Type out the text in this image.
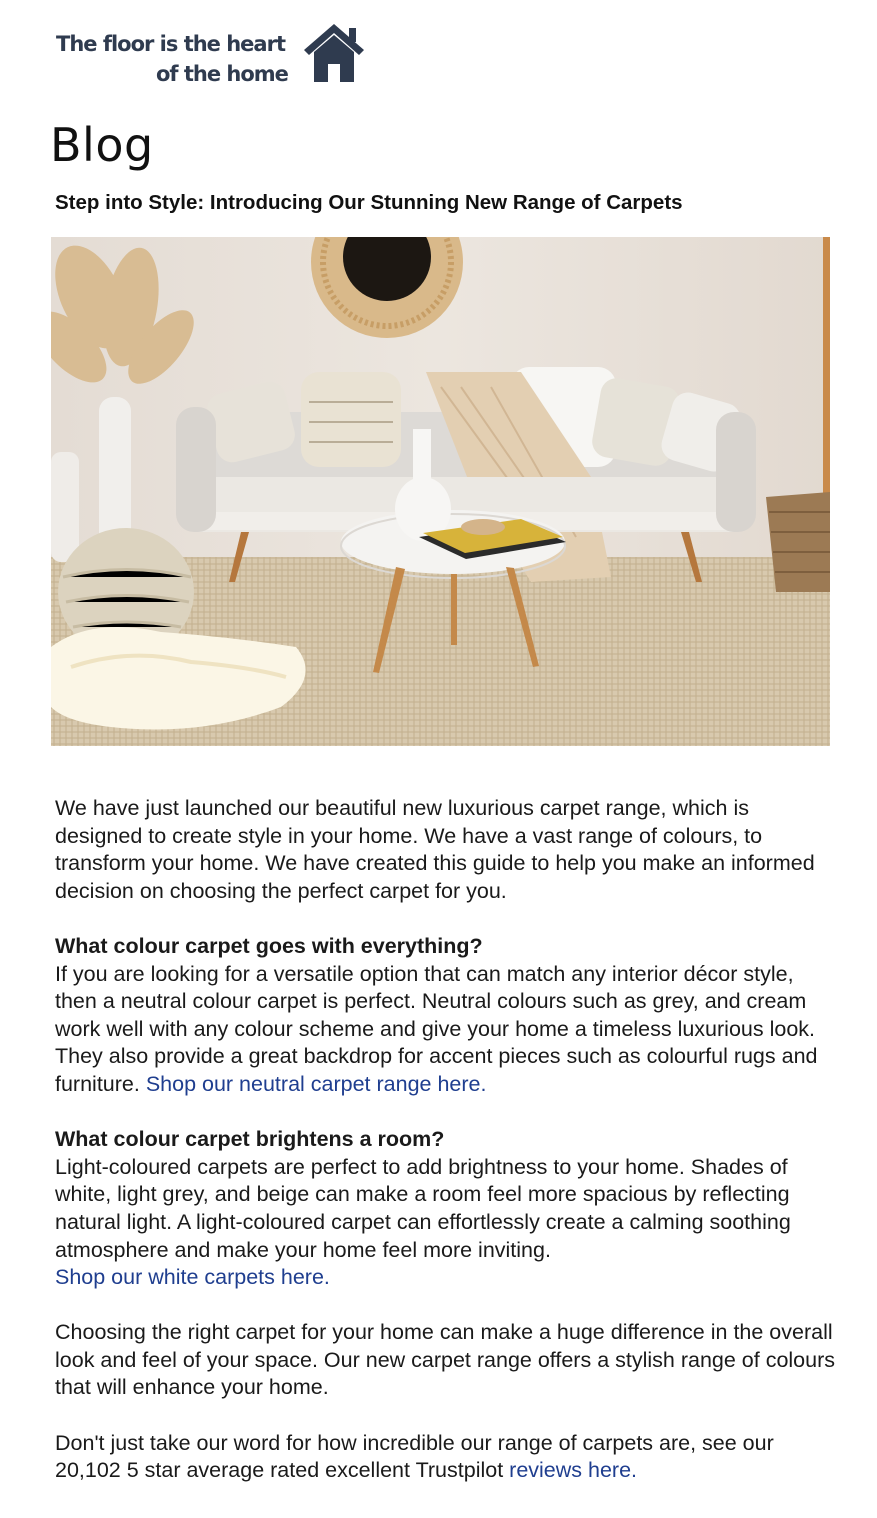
The floor is the heart
of the home
Blog
Step into Style: Introducing Our Stunning New Range of Carpets

We have just launched our beautiful new luxurious carpet range, which is designed to create style in your home. We have a vast range of colours, to transform your home. We have created this guide to help you make an informed decision on choosing the perfect carpet for you.

What colour carpet goes with everything?
If you are looking for a versatile option that can match any interior décor style, then a neutral colour carpet is perfect. Neutral colours such as grey, and cream work well with any colour scheme and give your home a timeless luxurious look. They also provide a great backdrop for accent pieces such as colourful rugs and furniture. Shop our neutral carpet range here.

What colour carpet brightens a room?
Light-coloured carpets are perfect to add brightness to your home. Shades of white, light grey, and beige can make a room feel more spacious by reflecting natural light. A light-coloured carpet can effortlessly create a calming soothing atmosphere and make your home feel more inviting.
Shop our white carpets here.

Choosing the right carpet for your home can make a huge difference in the overall look and feel of your space. Our new carpet range offers a stylish range of colours that will enhance your home.

Don't just take our word for how incredible our range of carpets are, see our 20,102 5 star average rated excellent Trustpilot reviews here.
